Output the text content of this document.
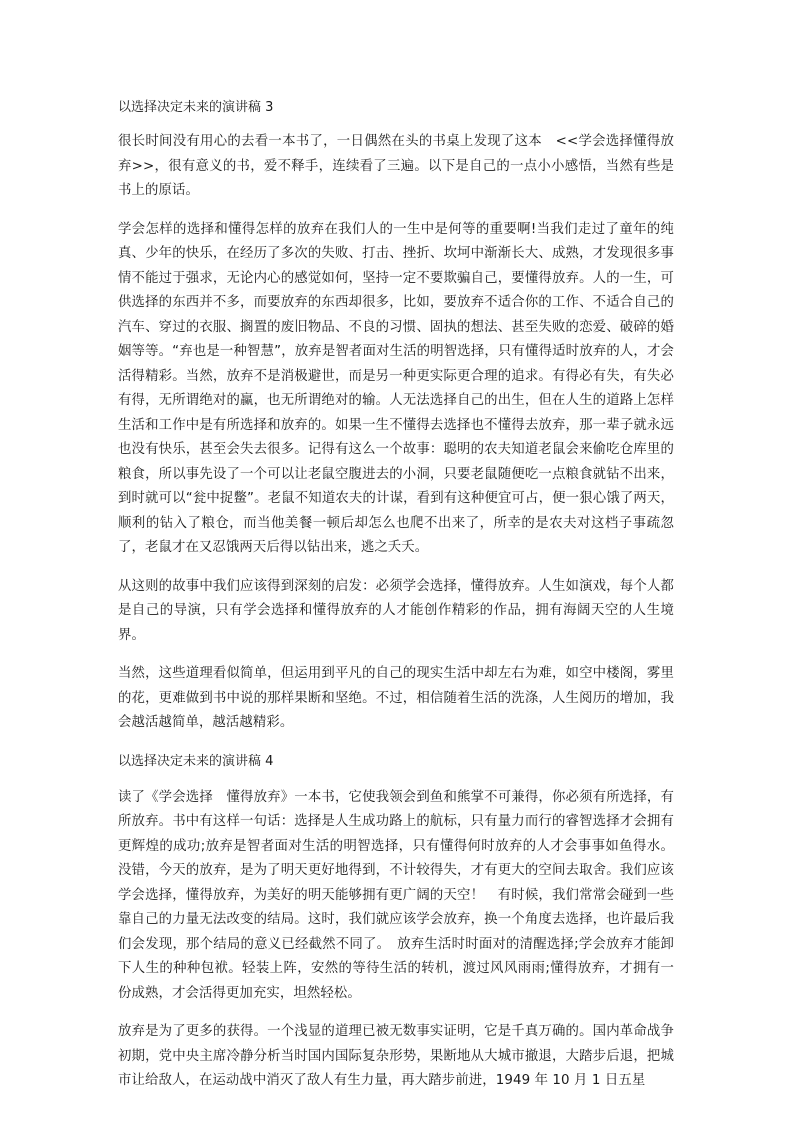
以选择决定未来的演讲稿 3

很长时间没有用心的去看一本书了，一日偶然在头的书桌上发现了这本　<<学会选择懂得放弃>>，很有意义的书，爱不释手，连续看了三遍。以下是自己的一点小小感悟，当然有些是书上的原话。

学会怎样的选择和懂得怎样的放弃在我们人的一生中是何等的重要啊!当我们走过了童年的纯真、少年的快乐，在经历了多次的失败、打击、挫折、坎坷中渐渐长大、成熟，才发现很多事情不能过于强求，无论内心的感觉如何，坚持一定不要欺骗自己，要懂得放弃。人的一生，可供选择的东西并不多，而要放弃的东西却很多，比如，要放弃不适合你的工作、不适合自己的汽车、穿过的衣服、搁置的废旧物品、不良的习惯、固执的想法、甚至失败的恋爱、破碎的婚姻等等。“弃也是一种智慧”，放弃是智者面对生活的明智选择，只有懂得适时放弃的人，才会活得精彩。当然，放弃不是消极避世，而是另一种更实际更合理的追求。有得必有失，有失必有得，无所谓绝对的赢，也无所谓绝对的输。人无法选择自己的出生，但在人生的道路上怎样生活和工作中是有所选择和放弃的。如果一生不懂得去选择也不懂得去放弃，那一辈子就永远也没有快乐，甚至会失去很多。记得有这么一个故事：聪明的农夫知道老鼠会来偷吃仓库里的粮食，所以事先设了一个可以让老鼠空腹进去的小洞，只要老鼠随便吃一点粮食就钻不出来，到时就可以“瓮中捉鳖”。老鼠不知道农夫的计谋，看到有这种便宜可占，便一狠心饿了两天，顺利的钻入了粮仓，而当他美餐一顿后却怎么也爬不出来了，所幸的是农夫对这档子事疏忽了，老鼠才在又忍饿两天后得以钻出来，逃之夭夭。

从这则的故事中我们应该得到深刻的启发：必须学会选择，懂得放弃。人生如演戏，每个人都是自己的导演，只有学会选择和懂得放弃的人才能创作精彩的作品，拥有海阔天空的人生境界。

当然，这些道理看似简单，但运用到平凡的自己的现实生活中却左右为难，如空中楼阁，雾里的花，更难做到书中说的那样果断和坚绝。不过，相信随着生活的洗涤，人生阅历的增加，我会越活越简单，越活越精彩。

以选择决定未来的演讲稿 4

读了《学会选择　懂得放弃》一本书，它使我领会到鱼和熊掌不可兼得，你必须有所选择，有所放弃。书中有这样一句话：选择是人生成功路上的航标，只有量力而行的睿智选择才会拥有更辉煌的成功;放弃是智者面对生活的明智选择，只有懂得何时放弃的人才会事事如鱼得水。没错，今天的放弃，是为了明天更好地得到，不计较得失，才有更大的空间去取舍。我们应该学会选择，懂得放弃，为美好的明天能够拥有更广阔的天空！　有时候，我们常常会碰到一些靠自己的力量无法改变的结局。这时，我们就应该学会放弃，换一个角度去选择，也许最后我们会发现，那个结局的意义已经截然不同了。　放弃生活时时面对的清醒选择;学会放弃才能卸下人生的种种包袱。轻装上阵，安然的等待生活的转机，渡过风风雨雨;懂得放弃，才拥有一份成熟，才会活得更加充实，坦然轻松。

放弃是为了更多的获得。一个浅显的道理已被无数事实证明，它是千真万确的。国内革命战争初期，党中央主席冷静分析当时国内国际复杂形势，果断地从大城市撤退，大踏步后退，把城市让给敌人，在运动战中消灭了敌人有生力量，再大踏步前进，1949 年 10 月 1 日五星
